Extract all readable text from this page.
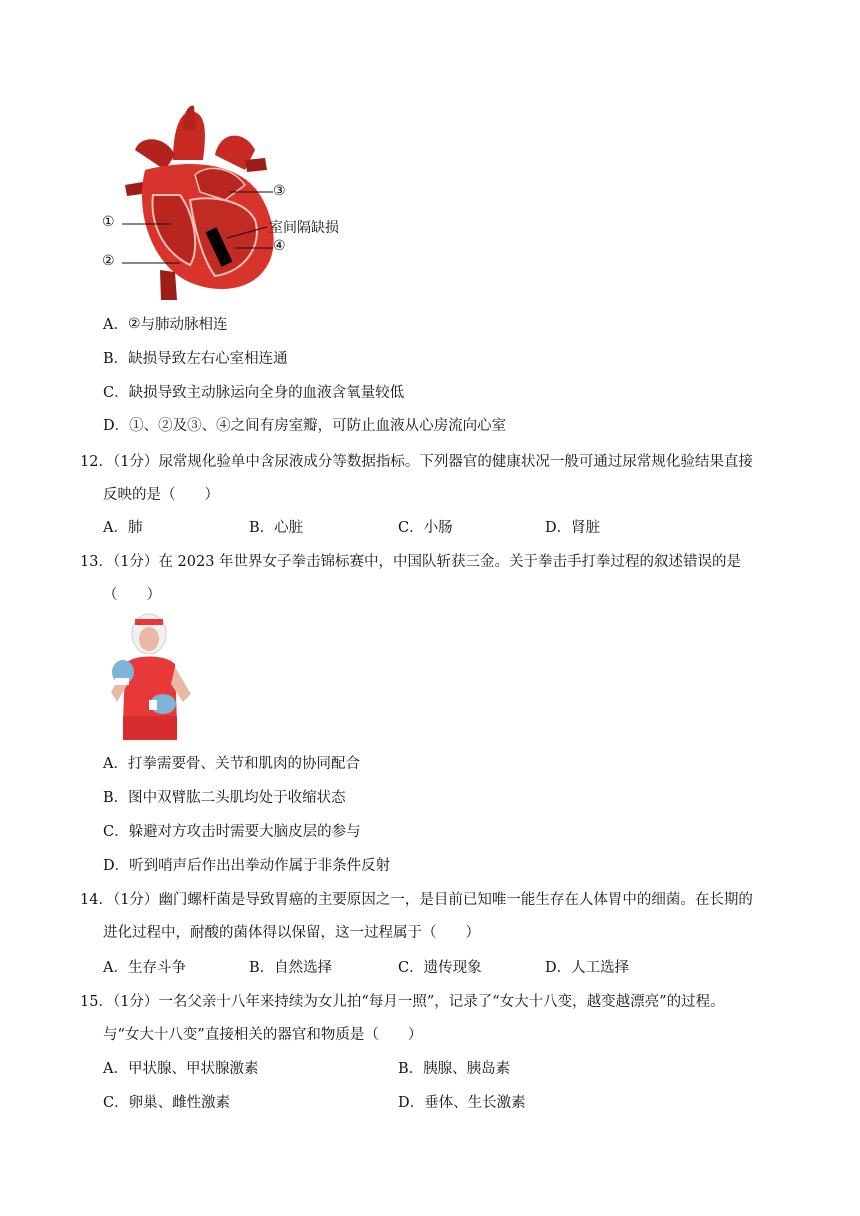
①
②
③
室间隔缺损
④
A．②与肺动脉相连
B．缺损导致左右心室相连通
C．缺损导致主动脉运向全身的血液含氧量较低
D．①、②及③、④之间有房室瓣，可防止血液从心房流向心室
12．（1分）尿常规化验单中含尿液成分等数据指标。下列器官的健康状况一般可通过尿常规化验结果直接
反映的是（　　）
A．肺	B．心脏	C．小肠	D．肾脏
13．（1分）在 2023 年世界女子拳击锦标赛中，中国队斩获三金。关于拳击手打拳过程的叙述错误的是
（　　）
A．打拳需要骨、关节和肌肉的协同配合
B．图中双臂肱二头肌均处于收缩状态
C．躲避对方攻击时需要大脑皮层的参与
D．听到哨声后作出出拳动作属于非条件反射
14．（1分）幽门螺杆菌是导致胃癌的主要原因之一，是目前已知唯一能生存在人体胃中的细菌。在长期的
进化过程中，耐酸的菌体得以保留，这一过程属于（　　）
A．生存斗争	B．自然选择	C．遗传现象	D．人工选择
15．（1分）一名父亲十八年来持续为女儿拍“每月一照”，记录了“女大十八变，越变越漂亮”的过程。
与“女大十八变”直接相关的器官和物质是（　　）
A．甲状腺、甲状腺激素	B．胰腺、胰岛素
C．卵巢、雌性激素	D．垂体、生长激素
